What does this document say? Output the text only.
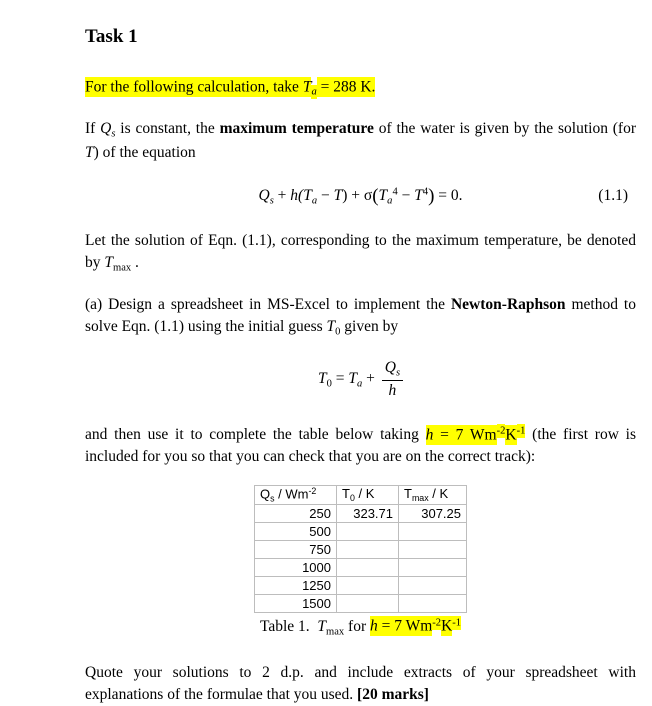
Task 1

For the following calculation, take $T_a = 288$ K.

If $Q_s$ is constant, the maximum temperature of the water is given by the solution (for T) of the equation

$Q_s + h(T_a - T) + \sigma(T_a^4 - T^4) = 0$.	(1.1)

Let the solution of Eqn. (1.1), corresponding to the maximum temperature, be denoted by $T_{max}$ .

(a) Design a spreadsheet in MS-Excel to implement the Newton-Raphson method to solve Eqn. (1.1) using the initial guess $T_0$ given by

$T_0 = T_a + \frac{Q_s}{h}$

and then use it to complete the table below taking h = 7 $Wm^{-2}K^{-1}$ (the first row is included for you so that you can check that you are on the correct track):

$Q_s / Wm^{-2}$	$T_0$ / K	$T_{max}$ / K
250	323.71	307.25
500		
750		
1000		
1250		
1500		

Table 1.  $T_{max}$ for h = 7 $Wm^{-2}K^{-1}$

Quote your solutions to 2 d.p. and include extracts of your spreadsheet with explanations of the formulae that you used. [20 marks]
